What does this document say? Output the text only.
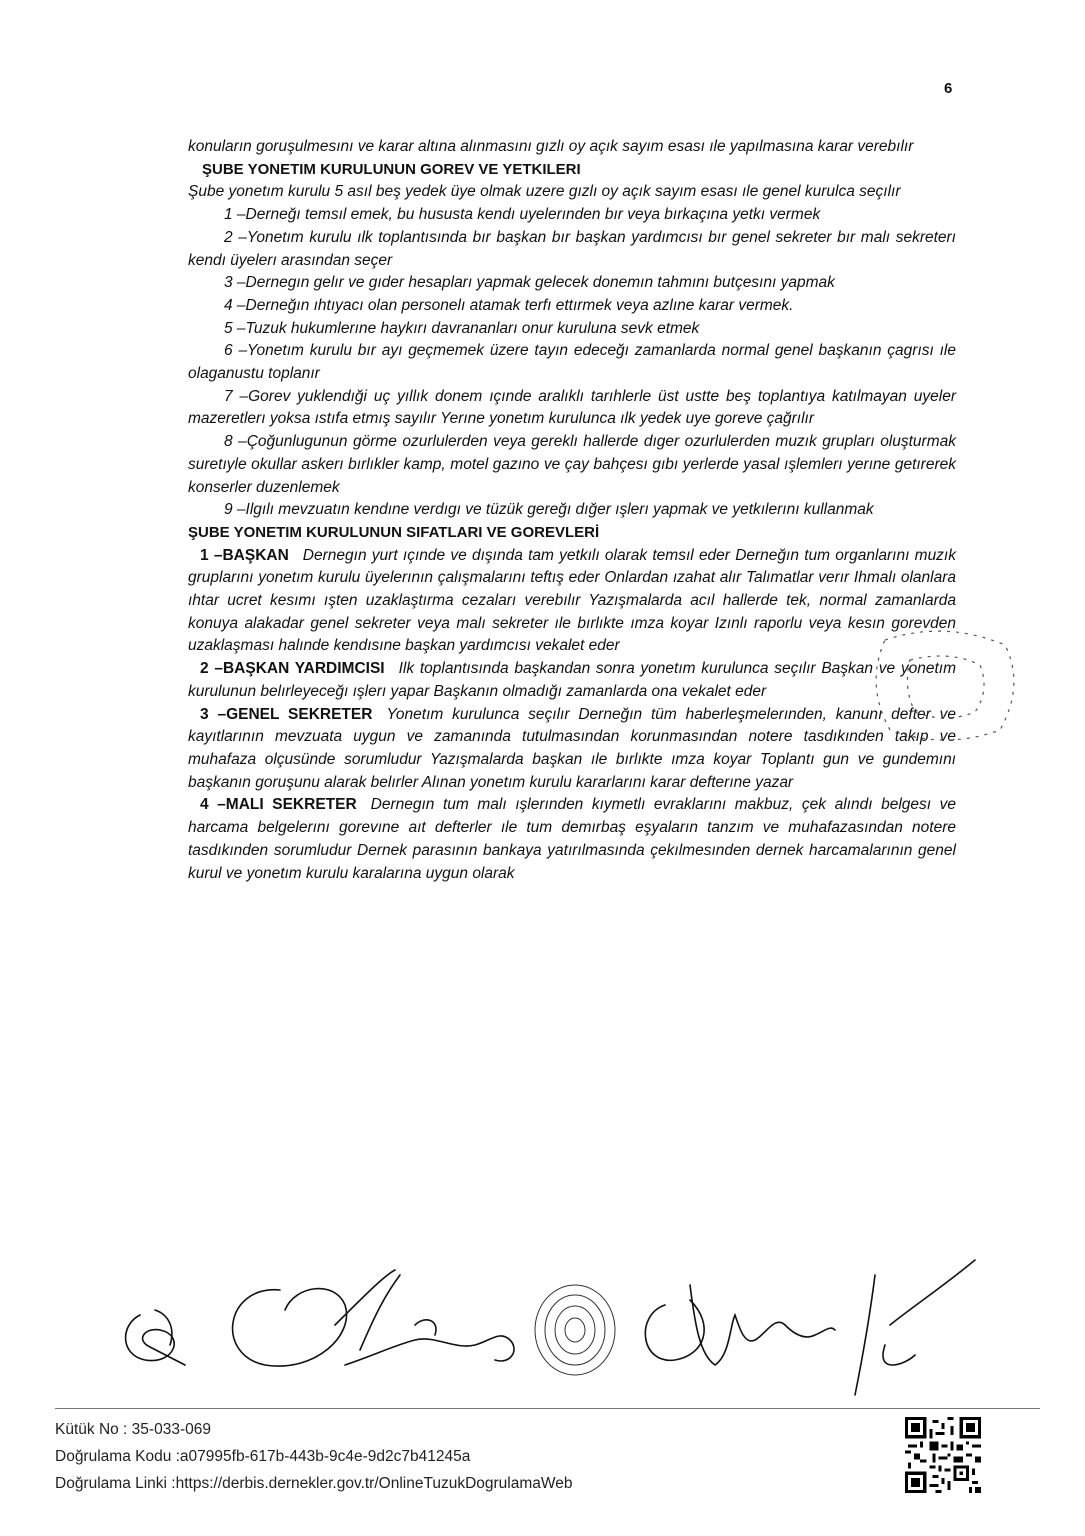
6

konuların goruşulmesını ve karar altına alınmasını gızlı oy açık sayım esası ıle yapılmasına karar verebılır

ŞUBE YONETIM KURULUNUN GOREV VE YETKILERI

Şube yonetım kurulu 5 asıl beş yedek üye olmak uzere gızlı oy açık sayım esası ıle genel kurulca seçılır

1 –Derneğı temsıl emek, bu hususta kendı uyelerınden bır veya bırkaçına yetkı vermek

2 –Yonetım kurulu ılk toplantısında bır başkan bır başkan yardımcısı bır genel sekreter bır malı sekreterı kendı üyelerı arasından seçer

3 –Dernegın gelır ve gıder hesapları yapmak gelecek donemın tahmını butçesını yapmak

4 –Derneğın ıhtıyacı olan personelı atamak terfı ettırmek veya azlıne karar vermek.

5 –Tuzuk hukumlerıne haykırı davrananları onur kuruluna sevk etmek

6 –Yonetım kurulu bır ayı geçmemek üzere tayın edeceğı zamanlarda normal genel başkanın çagrısı ıle olaganustu toplanır

7 –Gorev yuklendıği uç yıllık donem ıçınde aralıklı tarıhlerle üst ustte beş toplantıya katılmayan uyeler mazeretlerı yoksa ıstıfa etmış sayılır Yerıne yonetım kurulunca ılk yedek uye goreve çağrılır

8 –Çoğunlugunun görme ozurlulerden veya gereklı hallerde dıger ozurlulerden muzık grupları oluşturmak suretıyle okullar askerı bırlıkler kamp, motel gazıno ve çay bahçesı gıbı yerlerde yasal ışlemlerı yerıne getırerek konserler duzenlemek

9 –Ilgılı mevzuatın kendıne verdıgı ve tüzük gereğı dığer ışlerı yapmak ve yetkılerını kullanmak

ŞUBE YONETIM KURULUNUN SIFATLARI VE GOREVLERİ

1 –BAŞKAN Dernegın yurt ıçınde ve dışında tam yetkılı olarak temsıl eder Derneğın tum organlarını muzık gruplarını yonetım kurulu üyelerının çalışmalarını teftış eder Onlardan ızahat alır Talımatlar verır Ihmalı olanlara ıhtar ucret kesımı ışten uzaklaştırma cezaları verebılır Yazışmalarda acıl hallerde tek, normal zamanlarda konuya alakadar genel sekreter veya malı sekreter ıle bırlıkte ımza koyar Izınlı raporlu veya kesın gorevden uzaklaşması halınde kendısıne başkan yardımcısı vekalet eder

2 –BAŞKAN YARDIMCISI Ilk toplantısında başkandan sonra yonetım kurulunca seçılır Başkan ve yonetım kurulunun belırleyeceğı ışlerı yapar Başkanın olmadığı zamanlarda ona vekalet eder

3 –GENEL SEKRETER Yonetım kurulunca seçılır Derneğın tüm haberleşmelerınden, kanunı defter ve kayıtlarının mevzuata uygun ve zamanında tutulmasından korunmasından notere tasdıkınden takıp ve muhafaza olçusünde sorumludur Yazışmalarda başkan ıle bırlıkte ımza koyar Toplantı gun ve gundemını başkanın goruşunu alarak belırler Alınan yonetım kurulu kararlarını karar defterıne yazar

4 –MALI SEKRETER Dernegın tum malı ışlerınden kıymetlı evraklarını makbuz, çek alındı belgesı ve harcama belgelerını gorevıne aıt defterler ıle tum demırbaş eşyaların tanzım ve muhafazasından notere tasdıkınden sorumludur Dernek parasının bankaya yatırılmasında çekılmesınden dernek harcamalarının genel kurul ve yonetım kurulu karalarına uygun olarak

Kütük No : 35-033-069
Doğrulama Kodu :a07995fb-617b-443b-9c4e-9d2c7b41245a
Doğrulama Linki :https://derbis.dernekler.gov.tr/OnlineTuzukDogrulamaWeb
